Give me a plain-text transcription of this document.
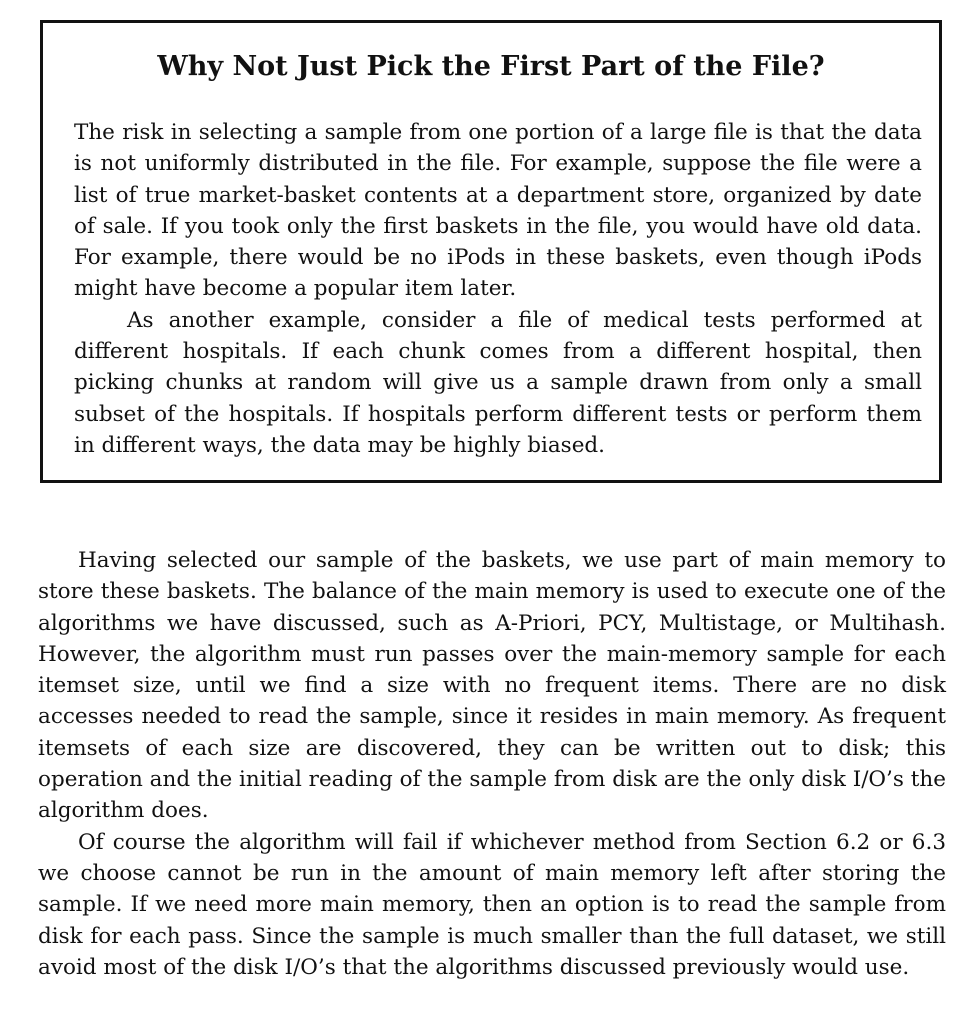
Why Not Just Pick the First Part of the File?

The risk in selecting a sample from one portion of a large file is that the data is not uniformly distributed in the file. For example, suppose the file were a list of true market-basket contents at a department store, organized by date of sale. If you took only the first baskets in the file, you would have old data. For example, there would be no iPods in these baskets, even though iPods might have become a popular item later.

As another example, consider a file of medical tests performed at different hospitals. If each chunk comes from a different hospital, then picking chunks at random will give us a sample drawn from only a small subset of the hospitals. If hospitals perform different tests or perform them in different ways, the data may be highly biased.

Having selected our sample of the baskets, we use part of main memory to store these baskets. The balance of the main memory is used to execute one of the algorithms we have discussed, such as A-Priori, PCY, Multistage, or Multihash. However, the algorithm must run passes over the main-memory sample for each itemset size, until we find a size with no frequent items. There are no disk accesses needed to read the sample, since it resides in main memory. As frequent itemsets of each size are discovered, they can be written out to disk; this operation and the initial reading of the sample from disk are the only disk I/O’s the algorithm does.

Of course the algorithm will fail if whichever method from Section 6.2 or 6.3 we choose cannot be run in the amount of main memory left after storing the sample. If we need more main memory, then an option is to read the sample from disk for each pass. Since the sample is much smaller than the full dataset, we still avoid most of the disk I/O’s that the algorithms discussed previously would use.
